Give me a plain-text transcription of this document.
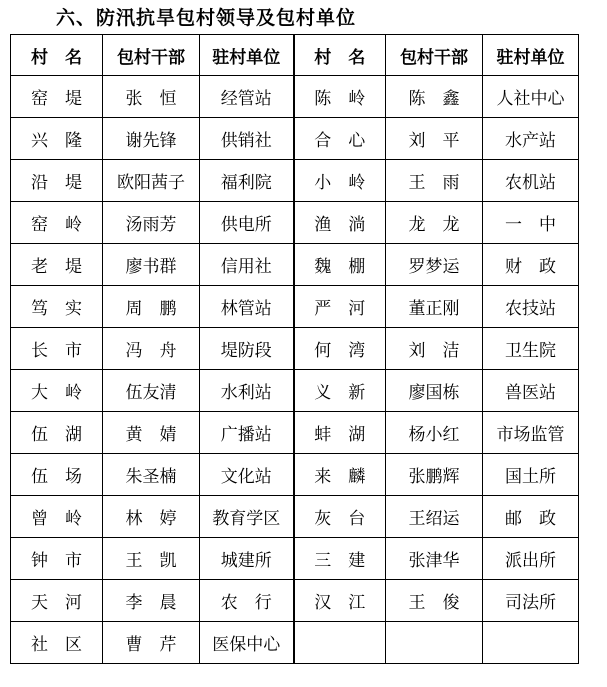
六、防汛抗旱包村领导及包村单位
村　名	包村干部	驻村单位	村　名	包村干部	驻村单位
窑　堤	张　恒	经管站	陈　岭	陈　鑫	人社中心
兴　隆	谢先锋	供销社	合　心	刘　平	水产站
沿　堤	欧阳茜子	福利院	小　岭	王　雨	农机站
窑　岭	汤雨芳	供电所	渔　淌	龙　龙	一　中
老　堤	廖书群	信用社	魏　棚	罗梦运	财　政
笃　实	周　鹏	林管站	严　河	董正刚	农技站
长　市	冯　舟	堤防段	何　湾	刘　洁	卫生院
大　岭	伍友清	水利站	义　新	廖国栋	兽医站
伍　湖	黄　婧	广播站	蚌　湖	杨小红	市场监管
伍　场	朱圣楠	文化站	来　麟	张鹏辉	国土所
曾　岭	林　婷	教育学区	灰　台	王绍运	邮　政
钟　市	王　凯	城建所	三　建	张津华	派出所
天　河	李　晨	农　行	汉　江	王　俊	司法所
社　区	曹　芹	医保中心			
